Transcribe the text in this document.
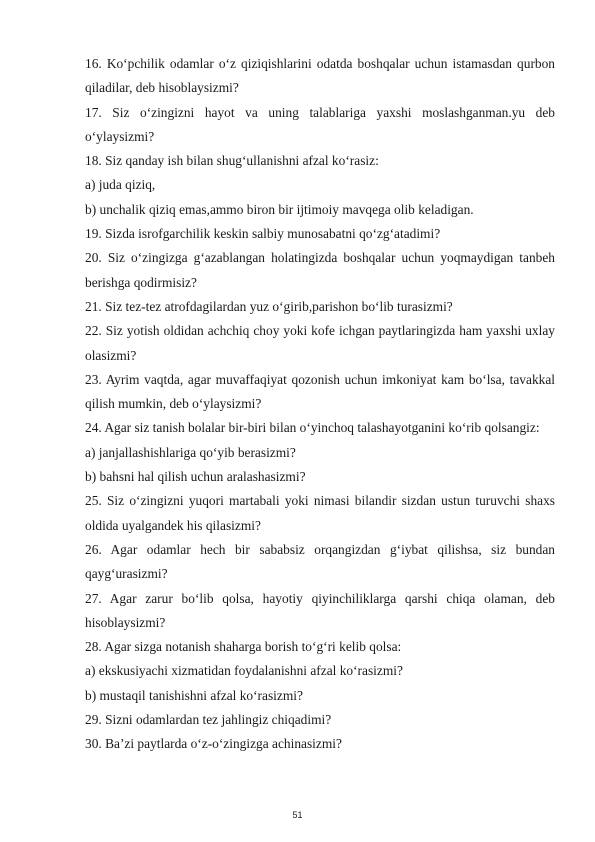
16. Ko‘pchilik odamlar o‘z qiziqishlarini odatda boshqalar uchun istamasdan qurbon qiladilar, deb hisoblaysizmi?

17. Siz o‘zingizni hayot va uning talablariga yaxshi moslashganman.yu deb o‘ylaysizmi?

18. Siz qanday ish bilan shug‘ullanishni afzal ko‘rasiz:

a) juda qiziq,

b) unchalik qiziq emas,ammo biron bir ijtimoiy mavqega olib keladigan.

19. Sizda isrofgarchilik keskin salbiy munosabatni qo‘zg‘atadimi?

20. Siz o‘zingizga g‘azablangan holatingizda boshqalar uchun yoqmaydigan tanbeh berishga qodirmisiz?

21. Siz tez-tez atrofdagilardan yuz o‘girib,parishon bo‘lib turasizmi?

22. Siz yotish oldidan achchiq choy yoki kofe ichgan paytlaringizda ham yaxshi uxlay olasizmi?

23. Ayrim vaqtda, agar muvaffaqiyat qozonish uchun imkoniyat kam bo‘lsa, tavakkal qilish mumkin, deb o‘ylaysizmi?

24. Agar siz tanish bolalar bir-biri bilan o‘yinchoq talashayotganini ko‘rib qolsangiz:

a) janjallashishlariga qo‘yib berasizmi?

b) bahsni hal qilish uchun aralashasizmi?

25. Siz o‘zingizni yuqori martabali yoki nimasi bilandir sizdan ustun turuvchi shaxs oldida uyalgandek his qilasizmi?

26. Agar odamlar hech bir sababsiz orqangizdan g‘iybat qilishsa, siz bundan qayg‘urasizmi?

27. Agar zarur bo‘lib qolsa, hayotiy qiyinchiliklarga qarshi chiqa olaman, deb hisoblaysizmi?

28. Agar sizga notanish shaharga borish to‘g‘ri kelib qolsa:

a) ekskusiyachi xizmatidan foydalanishni afzal ko‘rasizmi?

b) mustaqil tanishishni afzal ko‘rasizmi?

29. Sizni odamlardan tez jahlingiz chiqadimi?

30. Ba’zi paytlarda o‘z-o‘zingizga achinasizmi?

51
